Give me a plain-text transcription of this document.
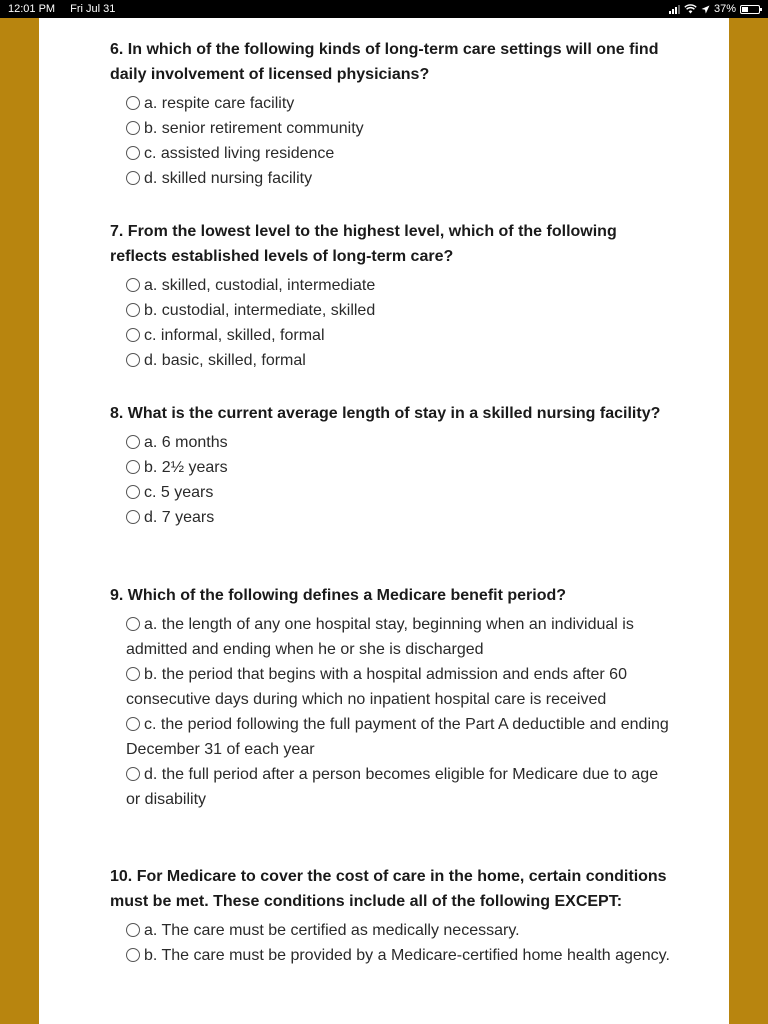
12:01 PM Fri Jul 31	37%
6. In which of the following kinds of long-term care settings will one find daily involvement of licensed physicians?
a. respite care facility
b. senior retirement community
c. assisted living residence
d. skilled nursing facility
7. From the lowest level to the highest level, which of the following reflects established levels of long-term care?
a. skilled, custodial, intermediate
b. custodial, intermediate, skilled
c. informal, skilled, formal
d. basic, skilled, formal
8. What is the current average length of stay in a skilled nursing facility?
a. 6 months
b. 2½ years
c. 5 years
d. 7 years
9. Which of the following defines a Medicare benefit period?
a. the length of any one hospital stay, beginning when an individual is admitted and ending when he or she is discharged
b. the period that begins with a hospital admission and ends after 60 consecutive days during which no inpatient hospital care is received
c. the period following the full payment of the Part A deductible and ending December 31 of each year
d. the full period after a person becomes eligible for Medicare due to age or disability
10. For Medicare to cover the cost of care in the home, certain conditions must be met. These conditions include all of the following EXCEPT:
a. The care must be certified as medically necessary.
b. The care must be provided by a Medicare-certified home health agency.
